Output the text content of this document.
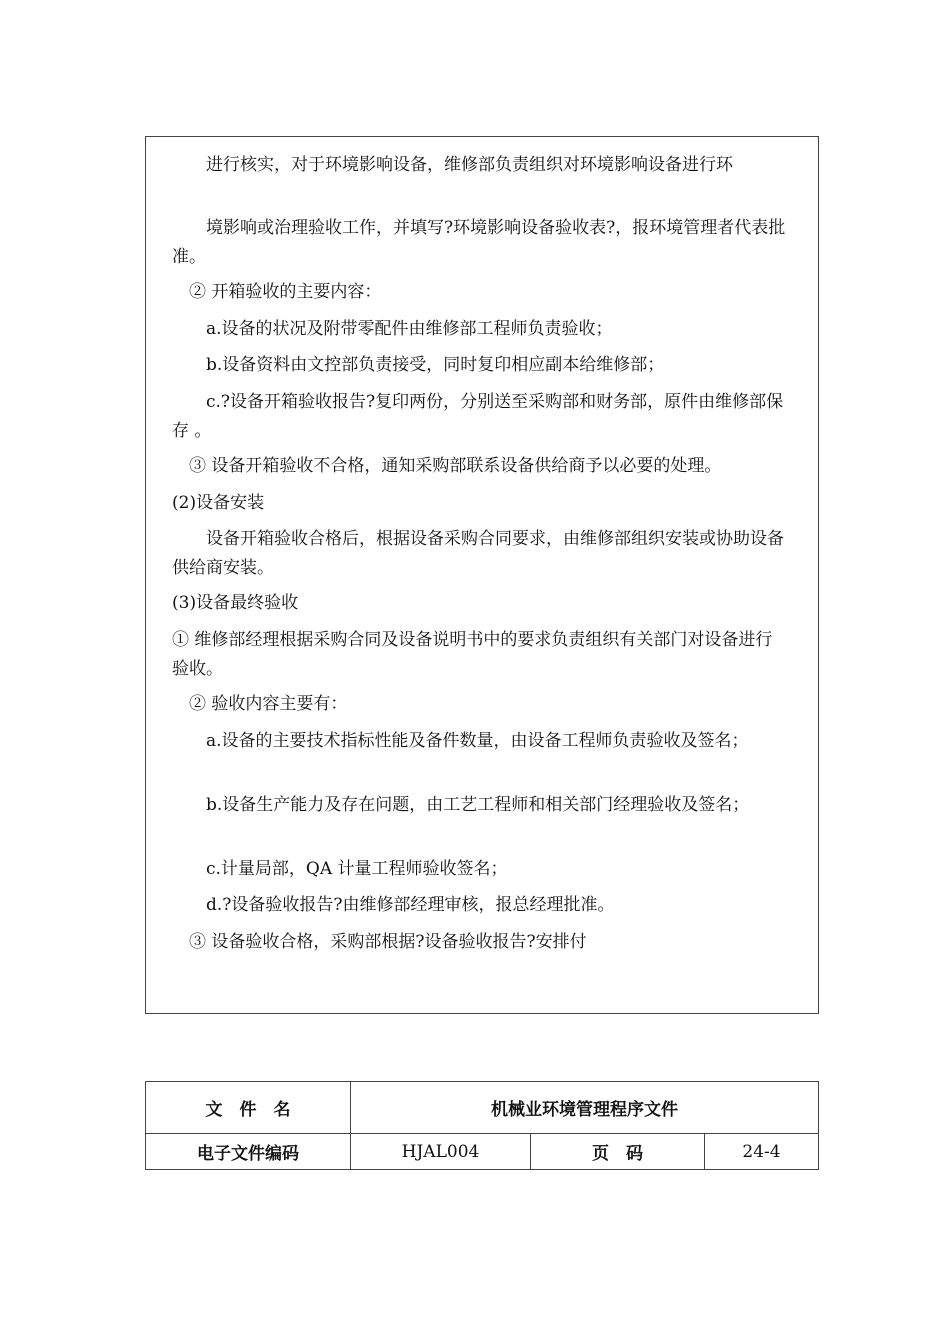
　　进行核实，对于环境影响设备，维修部负责组织对环境影响设备进行环

　　境影响或治理验收工作，并填写?环境影响设备验收表?，报环境管理者代表批准。

　② 开箱验收的主要内容：

　　a.设备的状况及附带零配件由维修部工程师负责验收；

　　b.设备资料由文控部负责接受，同时复印相应副本给维修部；

　　c.?设备开箱验收报告?复印两份，分别送至采购部和财务部，原件由维修部保存 。

　③ 设备开箱验收不合格，通知采购部联系设备供给商予以必要的处理。

(2)设备安装

　　设备开箱验收合格后，根据设备采购合同要求，由维修部组织安装或协助设备供给商安装。

(3)设备最终验收

① 维修部经理根据采购合同及设备说明书中的要求负责组织有关部门对设备进行验收。

　② 验收内容主要有：

　　a.设备的主要技术指标性能及备件数量，由设备工程师负责验收及签名；

　　b.设备生产能力及存在问题，由工艺工程师和相关部门经理验收及签名；

　　c.计量局部，QA 计量工程师验收签名；

　　d.?设备验收报告?由维修部经理审核，报总经理批准。

　③ 设备验收合格，采购部根据?设备验收报告?安排付

文　件　名	机械业环境管理程序文件		
电子文件编码	HJAL004	页　码	24-4
